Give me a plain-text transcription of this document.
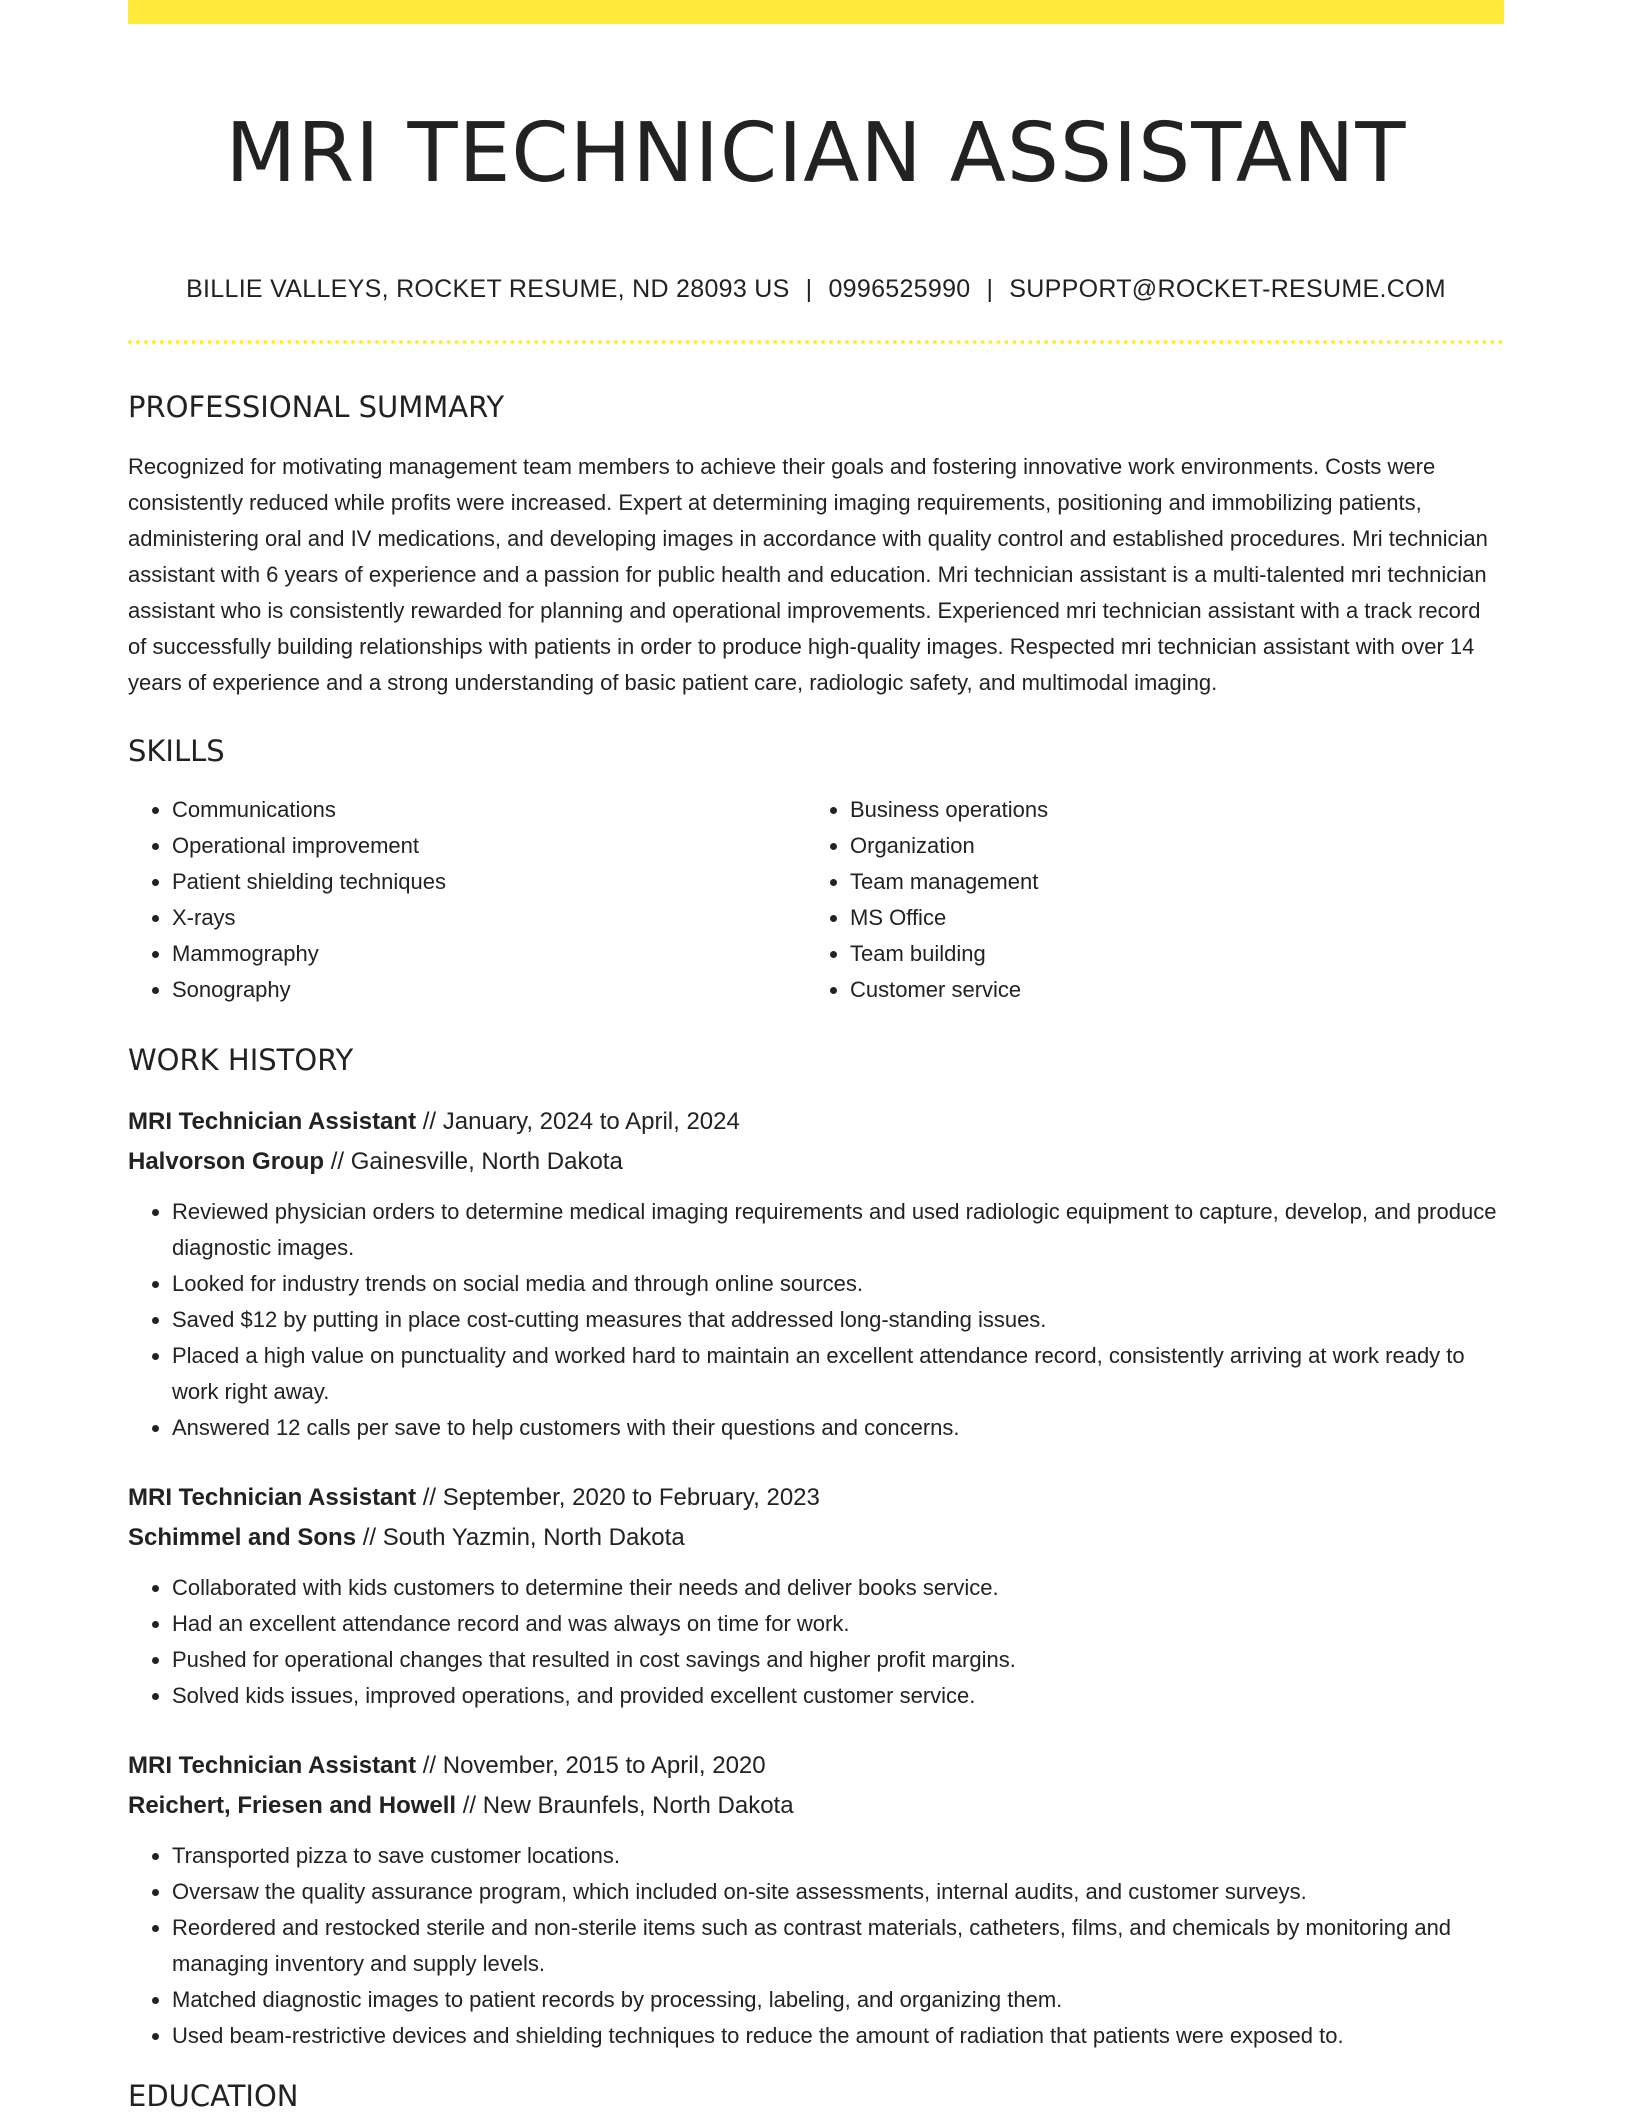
MRI TECHNICIAN ASSISTANT
BILLIE VALLEYS, ROCKET RESUME, ND 28093 US | 0996525990 | SUPPORT@ROCKET-RESUME.COM
PROFESSIONAL SUMMARY
Recognized for motivating management team members to achieve their goals and fostering innovative work environments. Costs were consistently reduced while profits were increased. Expert at determining imaging requirements, positioning and immobilizing patients, administering oral and IV medications, and developing images in accordance with quality control and established procedures. Mri technician assistant with 6 years of experience and a passion for public health and education. Mri technician assistant is a multi-talented mri technician assistant who is consistently rewarded for planning and operational improvements. Experienced mri technician assistant with a track record of successfully building relationships with patients in order to produce high-quality images. Respected mri technician assistant with over 14 years of experience and a strong understanding of basic patient care, radiologic safety, and multimodal imaging.
SKILLS
• Communications
• Operational improvement
• Patient shielding techniques
• X-rays
• Mammography
• Sonography
• Business operations
• Organization
• Team management
• MS Office
• Team building
• Customer service
WORK HISTORY
MRI Technician Assistant // January, 2024 to April, 2024
Halvorson Group // Gainesville, North Dakota
• Reviewed physician orders to determine medical imaging requirements and used radiologic equipment to capture, develop, and produce diagnostic images.
• Looked for industry trends on social media and through online sources.
• Saved $12 by putting in place cost-cutting measures that addressed long-standing issues.
• Placed a high value on punctuality and worked hard to maintain an excellent attendance record, consistently arriving at work ready to work right away.
• Answered 12 calls per save to help customers with their questions and concerns.
MRI Technician Assistant // September, 2020 to February, 2023
Schimmel and Sons // South Yazmin, North Dakota
• Collaborated with kids customers to determine their needs and deliver books service.
• Had an excellent attendance record and was always on time for work.
• Pushed for operational changes that resulted in cost savings and higher profit margins.
• Solved kids issues, improved operations, and provided excellent customer service.
MRI Technician Assistant // November, 2015 to April, 2020
Reichert, Friesen and Howell // New Braunfels, North Dakota
• Transported pizza to save customer locations.
• Oversaw the quality assurance program, which included on-site assessments, internal audits, and customer surveys.
• Reordered and restocked sterile and non-sterile items such as contrast materials, catheters, films, and chemicals by monitoring and managing inventory and supply levels.
• Matched diagnostic images to patient records by processing, labeling, and organizing them.
• Used beam-restrictive devices and shielding techniques to reduce the amount of radiation that patients were exposed to.
EDUCATION
